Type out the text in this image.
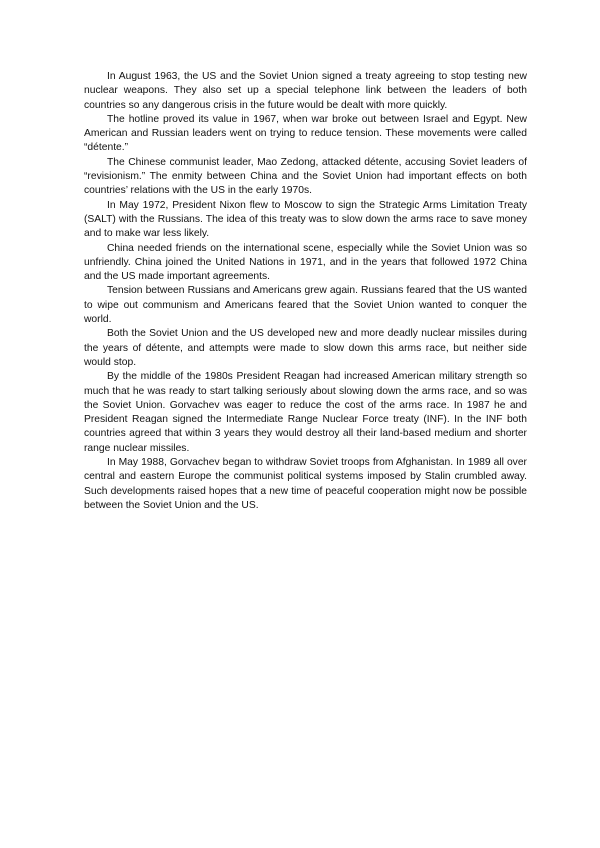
In August 1963, the US and the Soviet Union signed a treaty agreeing to stop testing new nuclear weapons. They also set up a special telephone link between the leaders of both countries so any dangerous crisis in the future would be dealt with more quickly.

The hotline proved its value in 1967, when war broke out between Israel and Egypt. New American and Russian leaders went on trying to reduce tension. These movements were called “détente.”

The Chinese communist leader, Mao Zedong, attacked détente, accusing Soviet leaders of “revisionism.” The enmity between China and the Soviet Union had important effects on both countries’ relations with the US in the early 1970s.

In May 1972, President Nixon flew to Moscow to sign the Strategic Arms Limitation Treaty (SALT) with the Russians. The idea of this treaty was to slow down the arms race to save money and to make war less likely.

China needed friends on the international scene, especially while the Soviet Union was so unfriendly. China joined the United Nations in 1971, and in the years that followed 1972 China and the US made important agreements.

Tension between Russians and Americans grew again. Russians feared that the US wanted to wipe out communism and Americans feared that the Soviet Union wanted to conquer the world.

Both the Soviet Union and the US developed new and more deadly nuclear missiles during the years of détente, and attempts were made to slow down this arms race, but neither side would stop.

By the middle of the 1980s President Reagan had increased American military strength so much that he was ready to start talking seriously about slowing down the arms race, and so was the Soviet Union. Gorvachev was eager to reduce the cost of the arms race. In 1987 he and President Reagan signed the Intermediate Range Nuclear Force treaty (INF). In the INF both countries agreed that within 3 years they would destroy all their land-based medium and shorter range nuclear missiles.

In May 1988, Gorvachev began to withdraw Soviet troops from Afghanistan. In 1989 all over central and eastern Europe the communist political systems imposed by Stalin crumbled away. Such developments raised hopes that a new time of peaceful cooperation might now be possible between the Soviet Union and the US.
